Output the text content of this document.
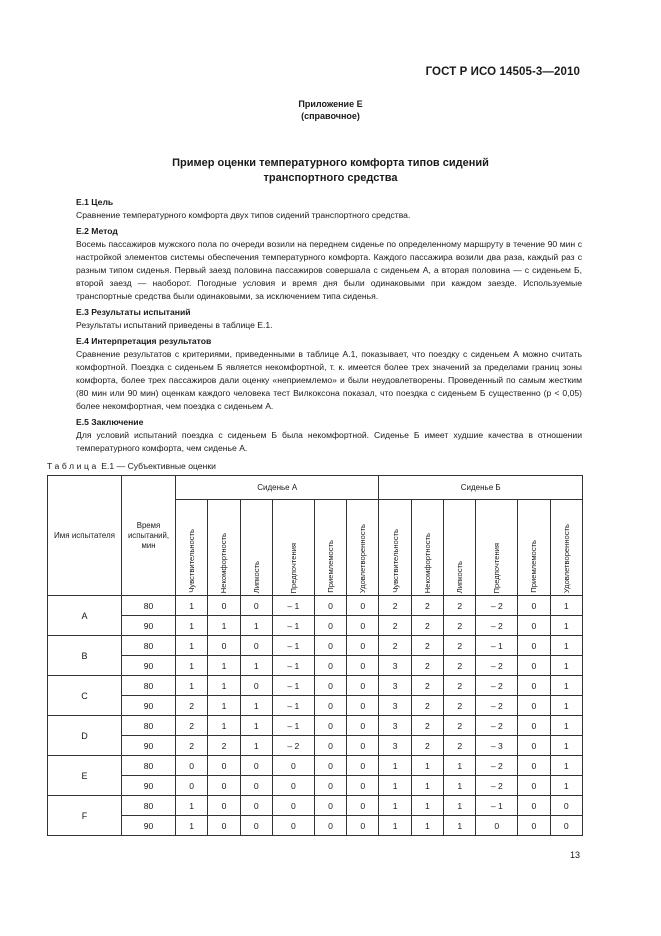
ГОСТ Р ИСО 14505-3—2010
Приложение Е
(справочное)
Пример оценки температурного комфорта типов сидений
транспортного средства

Е.1 Цель

Сравнение температурного комфорта двух типов сидений транспортного средства.

Е.2 Метод

Восемь пассажиров мужского пола по очереди возили на переднем сиденье по определенному маршруту в течение 90 мин с настройкой элементов системы обеспечения температурного комфорта. Каждого пассажира возили два раза, каждый раз с разным типом сиденья. Первый заезд половина пассажиров совершала с сиденьем А, а вторая половина — с сиденьем Б, второй заезд — наоборот. Погодные условия и время дня были одинаковыми при каждом заезде. Используемые транспортные средства были одинаковыми, за исключением типа сиденья.

Е.3 Результаты испытаний

Результаты испытаний приведены в таблице Е.1.

Е.4 Интерпретация результатов

Сравнение результатов с критериями, приведенными в таблице А.1, показывает, что поездку с сиденьем А можно считать комфортной. Поездка с сиденьем Б является некомфортной, т. к. имеется более трех значений за пределами границ зоны комфорта, более трех пассажиров дали оценку «неприемлемо» и были неудовлетворены. Проведенный по самым жестким (80 мин или 90 мин) оценкам каждого человека тест Вилкоксона показал, что поездка с сиденьем Б существенно (p < 0,05) более некомфортная, чем поездка с сиденьем А.

Е.5 Заключение

Для условий испытаний поездка с сиденьем Б была некомфортной. Сиденье Б имеет худшие качества в отношении температурного комфорта, чем сиденье А.

Таблица Е.1 — Субъективные оценки
Имя испытателя	Время испытаний, мин	Сиденье А						Сиденье Б					
		Чувствительность	Некомфортность	Липкость	Предпочтения	Приемлемость	Удовлетворенность	Чувствительность	Некомфортность	Липкость	Предпочтения	Приемлемость	Удовлетворенность
A	80	1	0	0	– 1	0	0	2	2	2	– 2	0	1
	90	1	1	1	– 1	0	0	2	2	2	– 2	0	1
B	80	1	0	0	– 1	0	0	2	2	2	– 1	0	1
	90	1	1	1	– 1	0	0	3	2	2	– 2	0	1
C	80	1	1	0	– 1	0	0	3	2	2	– 2	0	1
	90	2	1	1	– 1	0	0	3	2	2	– 2	0	1
D	80	2	1	1	– 1	0	0	3	2	2	– 2	0	1
	90	2	2	1	– 2	0	0	3	2	2	– 3	0	1
E	80	0	0	0	0	0	0	1	1	1	– 2	0	1
	90	0	0	0	0	0	0	1	1	1	– 2	0	1
F	80	1	0	0	0	0	0	1	1	1	– 1	0	0
	90	1	0	0	0	0	0	1	1	1	0	0	0
13
